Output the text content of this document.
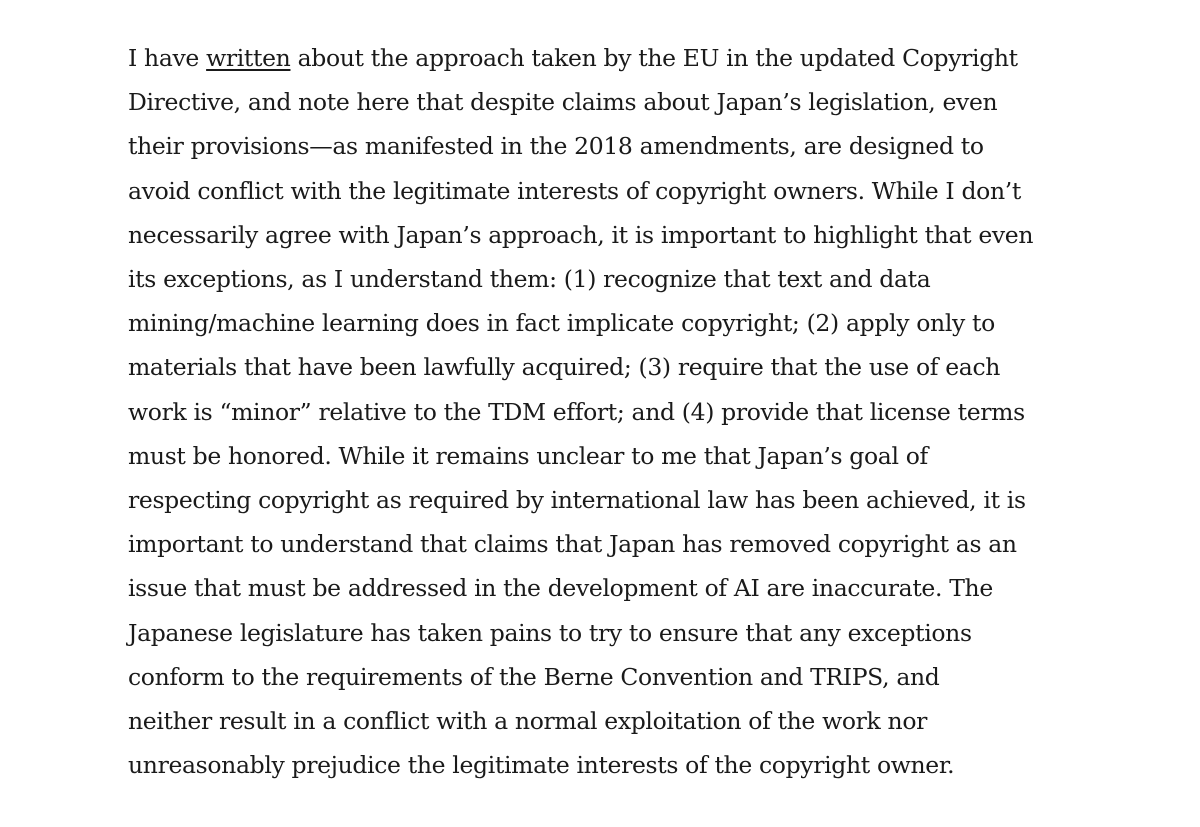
I have written about the approach taken by the EU in the updated Copyright
Directive, and note here that despite claims about Japan’s legislation, even
their provisions—as manifested in the 2018 amendments, are designed to
avoid conflict with the legitimate interests of copyright owners. While I don’t
necessarily agree with Japan’s approach, it is important to highlight that even
its exceptions, as I understand them: (1) recognize that text and data
mining/machine learning does in fact implicate copyright; (2) apply only to
materials that have been lawfully acquired; (3) require that the use of each
work is “minor” relative to the TDM effort; and (4) provide that license terms
must be honored. While it remains unclear to me that Japan’s goal of
respecting copyright as required by international law has been achieved, it is
important to understand that claims that Japan has removed copyright as an
issue that must be addressed in the development of AI are inaccurate. The
Japanese legislature has taken pains to try to ensure that any exceptions
conform to the requirements of the Berne Convention and TRIPS, and
neither result in a conflict with a normal exploitation of the work nor
unreasonably prejudice the legitimate interests of the copyright owner.
